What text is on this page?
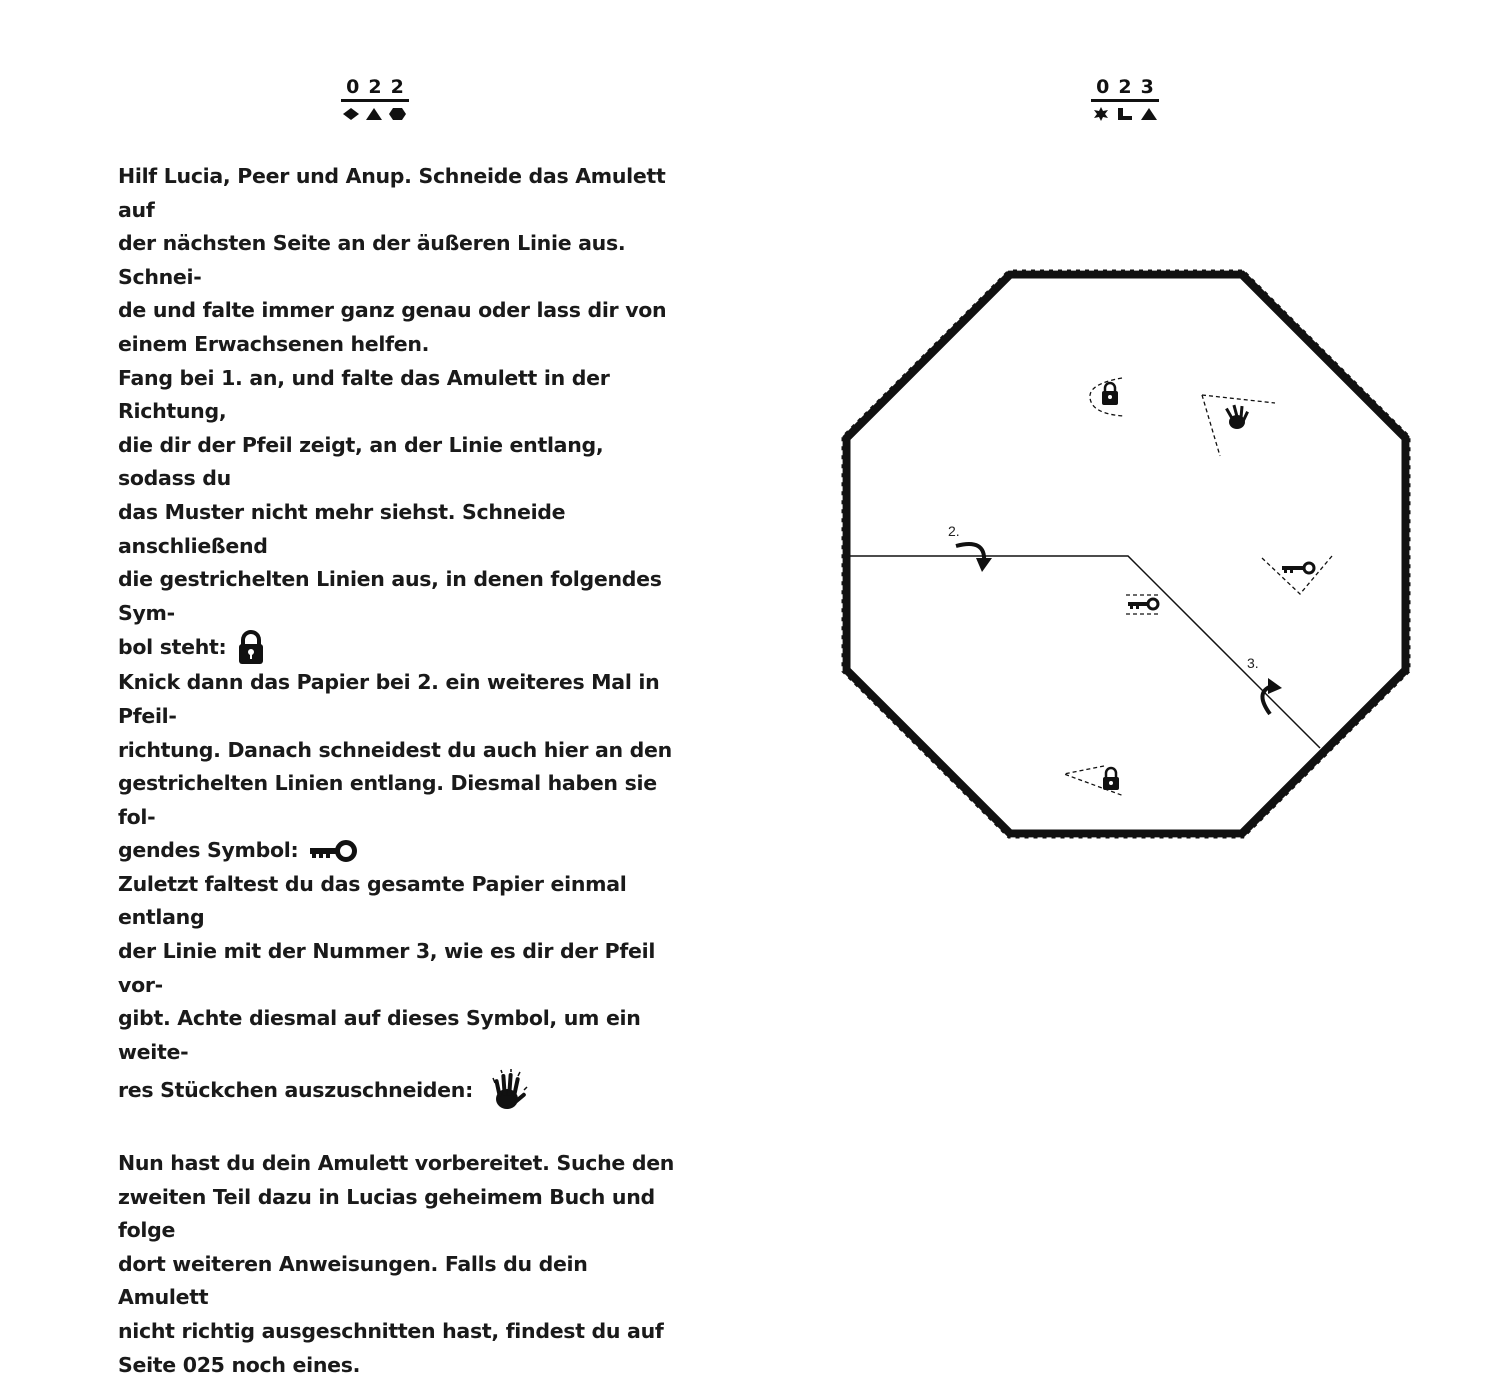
022	023

Hilf Lucia, Peer und Anup. Schneide das Amulett auf

der nächsten Seite an der äußeren Linie aus. Schnei-

de und falte immer ganz genau oder lass dir von

einem Erwachsenen helfen.

Fang bei 1. an, und falte das Amulett in der Richtung,

die dir der Pfeil zeigt, an der Linie entlang, sodass du

das Muster nicht mehr siehst. Schneide anschließend

die gestrichelten Linien aus, in denen folgendes Sym-

bol steht:

Knick dann das Papier bei 2. ein weiteres Mal in Pfeil-

richtung. Danach schneidest du auch hier an den

gestrichelten Linien entlang. Diesmal haben sie fol-

gendes Symbol:

Zuletzt faltest du das gesamte Papier einmal entlang

der Linie mit der Nummer 3, wie es dir der Pfeil vor-

gibt. Achte diesmal auf dieses Symbol, um ein weite-

res Stückchen auszuschneiden:

Nun hast du dein Amulett vorbereitet. Suche den

zweiten Teil dazu in Lucias geheimem Buch und folge

dort weiteren Anweisungen. Falls du dein Amulett

nicht richtig ausgeschnitten hast, findest du auf

Seite 025 noch eines.

2.
3.
